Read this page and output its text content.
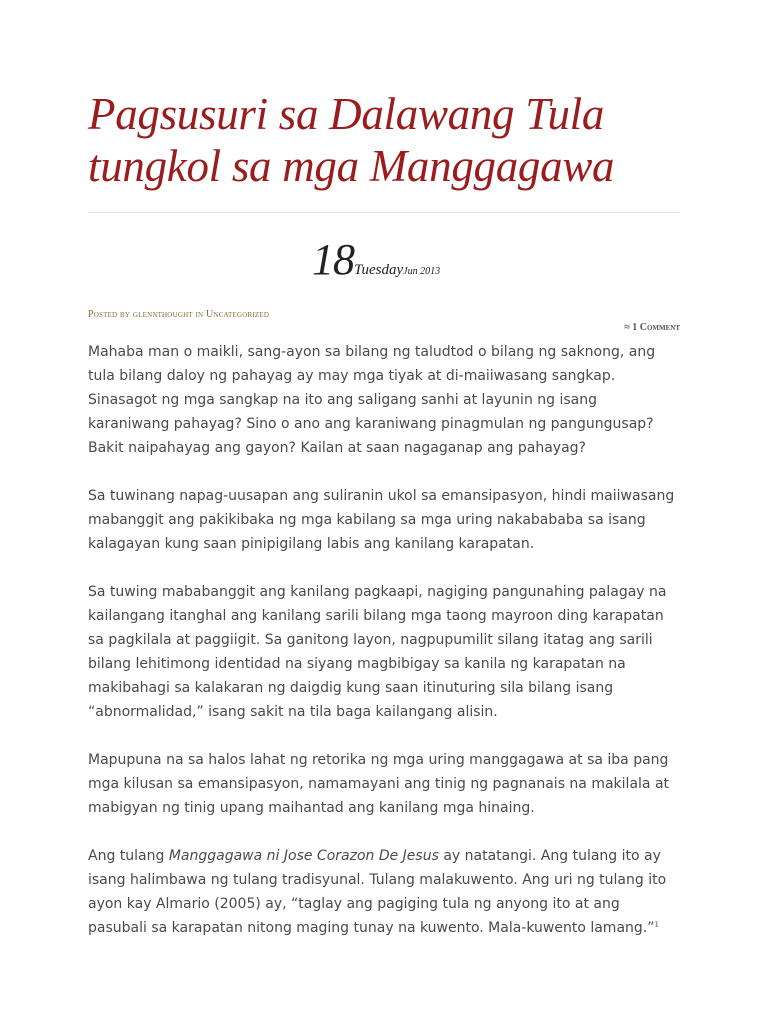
Pagsusuri sa Dalawang Tula tungkol sa mga Manggagawa
18TuesdayJun 2013
Posted by glennthought in Uncategorized
≈ 1 Comment

Mahaba man o maikli, sang-ayon sa bilang ng taludtod o bilang ng saknong, ang tula bilang daloy ng pahayag ay may mga tiyak at di-maiiwasang sangkap. Sinasagot ng mga sangkap na ito ang saligang sanhi at layunin ng isang karaniwang pahayag? Sino o ano ang karaniwang pinagmulan ng pangungusap? Bakit naipahayag ang gayon? Kailan at saan nagaganap ang pahayag?

Sa tuwinang napag-uusapan ang suliranin ukol sa emansipasyon, hindi maiiwasang mabanggit ang pakikibaka ng mga kabilang sa mga uring nakabababa sa isang kalagayan kung saan pinipigilang labis ang kanilang karapatan.

Sa tuwing mababanggit ang kanilang pagkaapi, nagiging pangunahing palagay na kailangang itanghal ang kanilang sarili bilang mga taong mayroon ding karapatan sa pagkilala at paggiigit. Sa ganitong layon, nagpupumilit silang itatag ang sarili bilang lehitimong identidad na siyang magbibigay sa kanila ng karapatan na makibahagi sa kalakaran ng daigdig kung saan itinuturing sila bilang isang “abnormalidad,” isang sakit na tila baga kailangang alisin.

Mapupuna na sa halos lahat ng retorika ng mga uring manggagawa at sa iba pang mga kilusan sa emansipasyon, namamayani ang tinig ng pagnanais na makilala at mabigyan ng tinig upang maihantad ang kanilang mga hinaing.

Ang tulang Manggagawa ni Jose Corazon De Jesus ay natatangi. Ang tulang ito ay isang halimbawa ng tulang tradisyunal. Tulang malakuwento. Ang uri ng tulang ito ayon kay Almario (2005) ay, “taglay ang pagiging tula ng anyong ito at ang pasubali sa karapatan nitong maging tunay na kuwento. Mala-kuwento lamang.”$^1$
